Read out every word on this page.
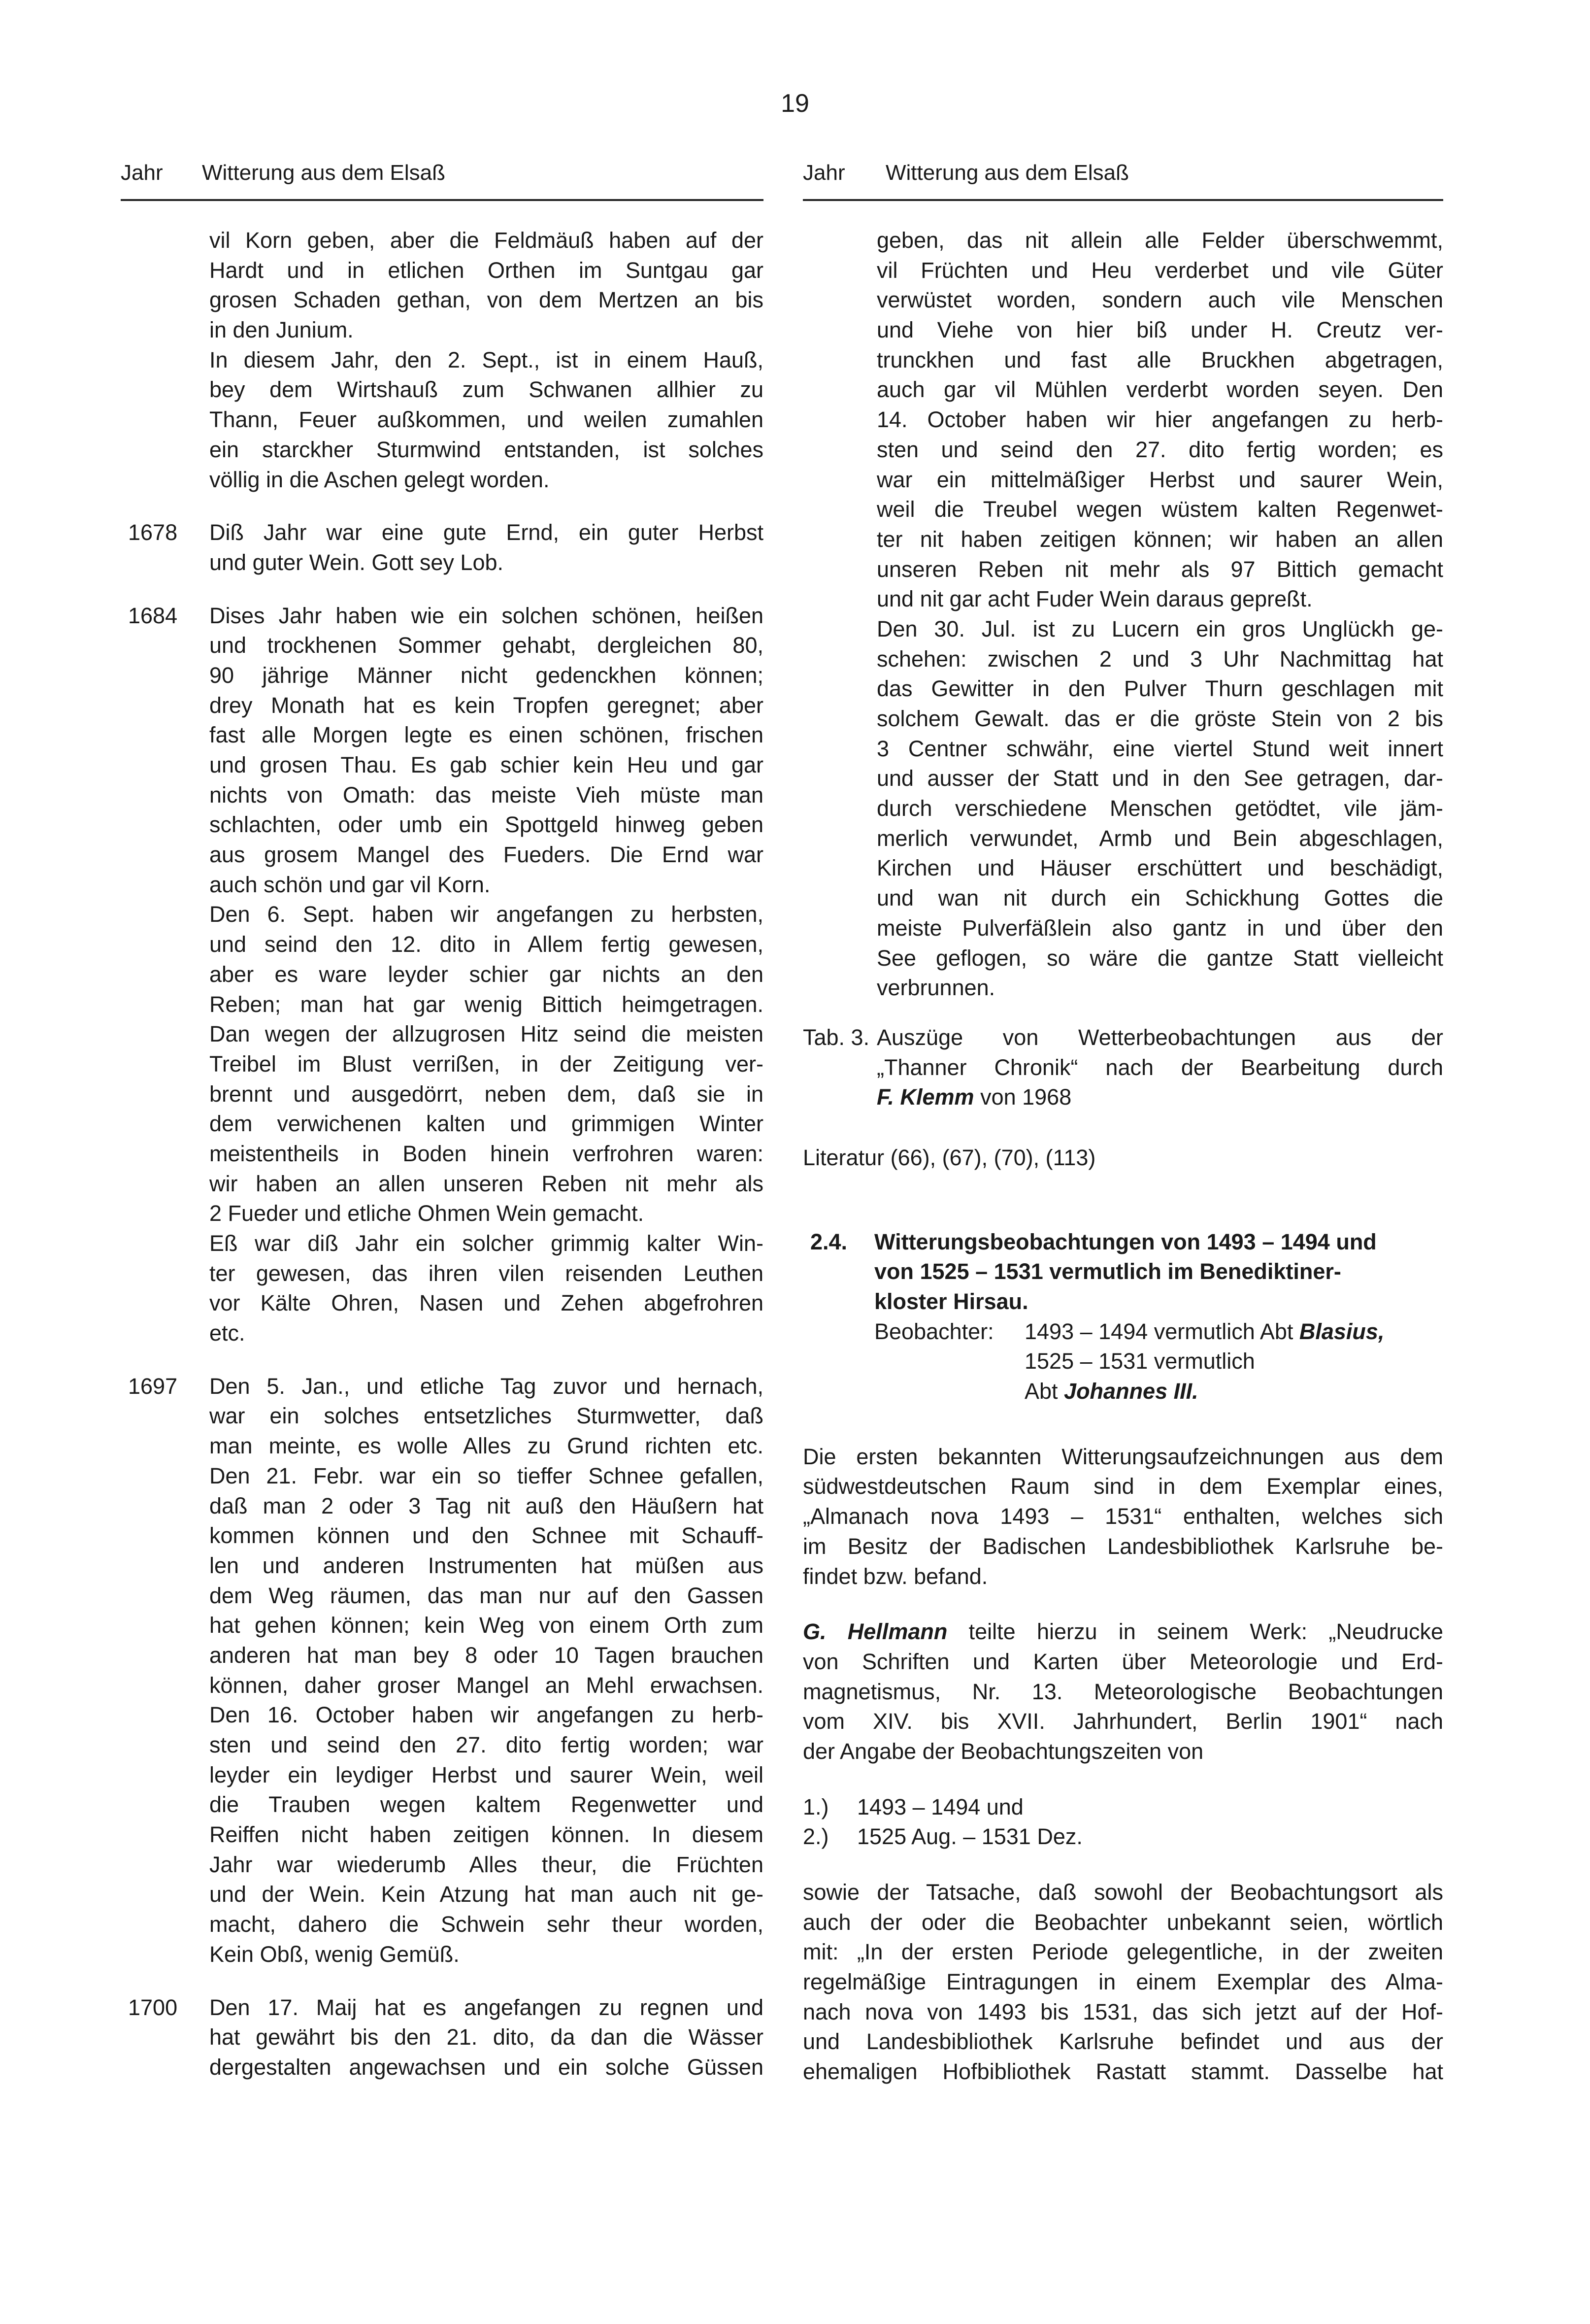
19
Jahr Witterung aus dem Elsaß
vil Korn geben, aber die Feldmäuß haben auf der
Hardt und in etlichen Orthen im Suntgau gar
grosen Schaden gethan, von dem Mertzen an bis
in den Junium.
In diesem Jahr, den 2. Sept., ist in einem Hauß,
bey dem Wirtshauß zum Schwanen allhier zu
Thann, Feuer außkommen, und weilen zumahlen
ein starckher Sturmwind entstanden, ist solches
völlig in die Aschen gelegt worden.
1678 Diß Jahr war eine gute Ernd, ein guter Herbst
und guter Wein. Gott sey Lob.
1684 Dises Jahr haben wie ein solchen schönen, heißen
und trockhenen Sommer gehabt, dergleichen 80,
90 jährige Männer nicht gedenckhen können;
drey Monath hat es kein Tropfen geregnet; aber
fast alle Morgen legte es einen schönen, frischen
und grosen Thau. Es gab schier kein Heu und gar
nichts von Omath: das meiste Vieh müste man
schlachten, oder umb ein Spottgeld hinweg geben
aus grosem Mangel des Fueders. Die Ernd war
auch schön und gar vil Korn.
Den 6. Sept. haben wir angefangen zu herbsten,
und seind den 12. dito in Allem fertig gewesen,
aber es ware leyder schier gar nichts an den
Reben; man hat gar wenig Bittich heimgetragen.
Dan wegen der allzugrosen Hitz seind die meisten
Treibel im Blust verrißen, in der Zeitigung ver-
brennt und ausgedörrt, neben dem, daß sie in
dem verwichenen kalten und grimmigen Winter
meistentheils in Boden hinein verfrohren waren:
wir haben an allen unseren Reben nit mehr als
2 Fueder und etliche Ohmen Wein gemacht.
Eß war diß Jahr ein solcher grimmig kalter Win-
ter gewesen, das ihren vilen reisenden Leuthen
vor Kälte Ohren, Nasen und Zehen abgefrohren
etc.
1697 Den 5. Jan., und etliche Tag zuvor und hernach,
war ein solches entsetzliches Sturmwetter, daß
man meinte, es wolle Alles zu Grund richten etc.
Den 21. Febr. war ein so tieffer Schnee gefallen,
daß man 2 oder 3 Tag nit auß den Häußern hat
kommen können und den Schnee mit Schauff-
len und anderen Instrumenten hat müßen aus
dem Weg räumen, das man nur auf den Gassen
hat gehen können; kein Weg von einem Orth zum
anderen hat man bey 8 oder 10 Tagen brauchen
können, daher groser Mangel an Mehl erwachsen.
Den 16. October haben wir angefangen zu herb-
sten und seind den 27. dito fertig worden; war
leyder ein leydiger Herbst und saurer Wein, weil
die Trauben wegen kaltem Regenwetter und
Reiffen nicht haben zeitigen können. In diesem
Jahr war wiederumb Alles theur, die Früchten
und der Wein. Kein Atzung hat man auch nit ge-
macht, dahero die Schwein sehr theur worden,
Kein Obß, wenig Gemüß.
1700 Den 17. Maij hat es angefangen zu regnen und
hat gewährt bis den 21. dito, da dan die Wässer
dergestalten angewachsen und ein solche Güssen
Jahr Witterung aus dem Elsaß
geben, das nit allein alle Felder überschwemmt,
vil Früchten und Heu verderbet und vile Güter
verwüstet worden, sondern auch vile Menschen
und Viehe von hier biß under H. Creutz ver-
trunckhen und fast alle Bruckhen abgetragen,
auch gar vil Mühlen verderbt worden seyen. Den
14. October haben wir hier angefangen zu herb-
sten und seind den 27. dito fertig worden; es
war ein mittelmäßiger Herbst und saurer Wein,
weil die Treubel wegen wüstem kalten Regenwet-
ter nit haben zeitigen können; wir haben an allen
unseren Reben nit mehr als 97 Bittich gemacht
und nit gar acht Fuder Wein daraus gepreßt.
Den 30. Jul. ist zu Lucern ein gros Unglückh ge-
schehen: zwischen 2 und 3 Uhr Nachmittag hat
das Gewitter in den Pulver Thurn geschlagen mit
solchem Gewalt. das er die gröste Stein von 2 bis
3 Centner schwähr, eine viertel Stund weit innert
und ausser der Statt und in den See getragen, dar-
durch verschiedene Menschen getödtet, vile jäm-
merlich verwundet, Armb und Bein abgeschlagen,
Kirchen und Häuser erschüttert und beschädigt,
und wan nit durch ein Schickhung Gottes die
meiste Pulverfäßlein also gantz in und über den
See geflogen, so wäre die gantze Statt vielleicht
verbrunnen.
Tab. 3. Auszüge von Wetterbeobachtungen aus der
„Thanner Chronik“ nach der Bearbeitung durch
F. Klemm von 1968
Literatur (66), (67), (70), (113)
2.4. Witterungsbeobachtungen von 1493 – 1494 und
von 1525 – 1531 vermutlich im Benediktiner-
kloster Hirsau.
Beobachter: 1493 – 1494 vermutlich Abt Blasius,
1525 – 1531 vermutlich
Abt Johannes III.
Die ersten bekannten Witterungsaufzeichnungen aus dem
südwestdeutschen Raum sind in dem Exemplar eines,
„Almanach nova 1493 – 1531“ enthalten, welches sich
im Besitz der Badischen Landesbibliothek Karlsruhe be-
findet bzw. befand.
G. Hellmann teilte hierzu in seinem Werk: „Neudrucke
von Schriften und Karten über Meteorologie und Erd-
magnetismus, Nr. 13. Meteorologische Beobachtungen
vom XIV. bis XVII. Jahrhundert, Berlin 1901“ nach
der Angabe der Beobachtungszeiten von
1.) 1493 – 1494 und
2.) 1525 Aug. – 1531 Dez.
sowie der Tatsache, daß sowohl der Beobachtungsort als
auch der oder die Beobachter unbekannt seien, wörtlich
mit: „In der ersten Periode gelegentliche, in der zweiten
regelmäßige Eintragungen in einem Exemplar des Alma-
nach nova von 1493 bis 1531, das sich jetzt auf der Hof-
und Landesbibliothek Karlsruhe befindet und aus der
ehemaligen Hofbibliothek Rastatt stammt. Dasselbe hat
